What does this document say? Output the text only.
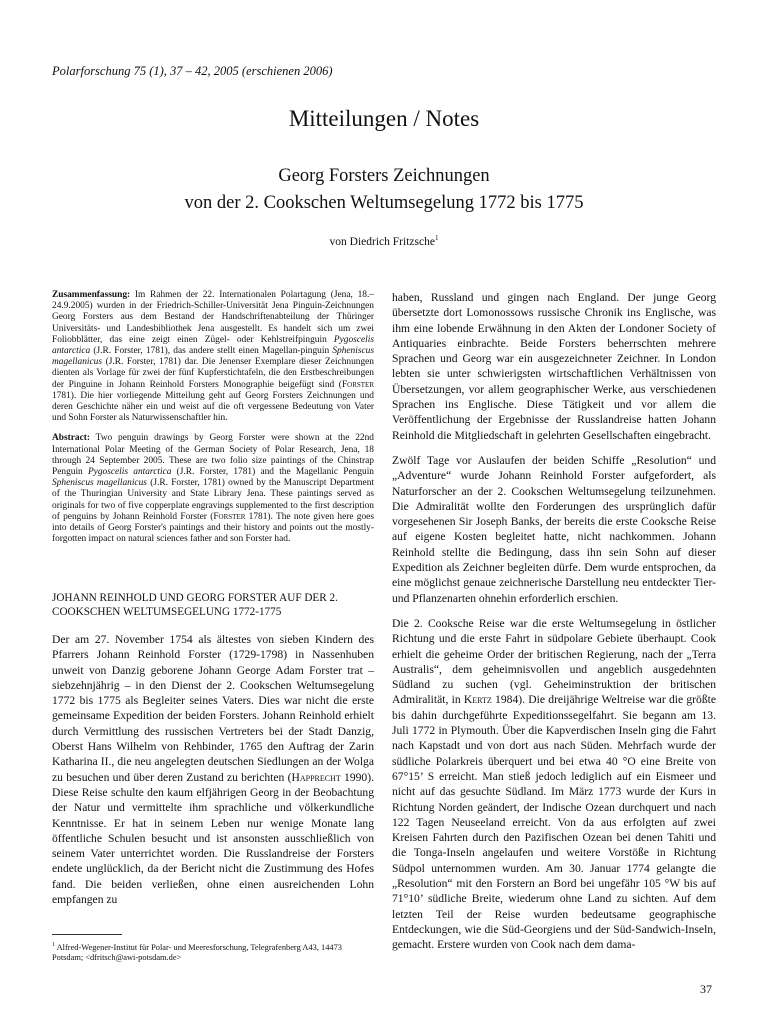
Polarforschung 75 (1), 37 – 42, 2005 (erschienen 2006)
Mitteilungen / Notes
Georg Forsters Zeichnungen
von der 2. Cookschen Weltumsegelung 1772 bis 1775
von Diedrich Fritzsche$^1$

Zusammenfassung: Im Rahmen der 22. Internationalen Polartagung (Jena, 18.–24.9.2005) wurden in der Friedrich-Schiller-Universität Jena Pinguin-Zeichnungen Georg Forsters aus dem Bestand der Handschriftenabteilung der Thüringer Universitäts- und Landesbibliothek Jena ausgestellt. Es handelt sich um zwei Foliobblätter, das eine zeigt einen Zügel- oder Kehlstreifpinguin Pygoscelis antarctica (J.R. Forster, 1781), das andere stellt einen Magellan-pinguin Spheniscus magellanicus (J.R. Forster, 1781) dar. Die Jenenser Exemplare dieser Zeichnungen dienten als Vorlage für zwei der fünf Kupferstichtafeln, die den Erstbeschreibungen der Pinguine in Johann Reinhold Forsters Monographie beigefügt sind (Forster 1781). Die hier vorliegende Mitteilung geht auf Georg Forsters Zeichnungen und deren Geschichte näher ein und weist auf die oft vergessene Bedeutung von Vater und Sohn Forster als Naturwissenschaftler hin.

Abstract: Two penguin drawings by Georg Forster were shown at the 22nd International Polar Meeting of the German Society of Polar Research, Jena, 18 through 24 September 2005. These are two folio size paintings of the Chinstrap Penguin Pygoscelis antarctica (J.R. Forster, 1781) and the Magellanic Penguin Spheniscus magellanicus (J.R. Forster, 1781) owned by the Manuscript Department of the Thuringian University and State Library Jena. These paintings served as originals for two of five copperplate engravings supplemented to the first description of penguins by Johann Reinhold Forster (Forster 1781). The note given here goes into details of Georg Forster's paintings and their history and points out the mostly-forgotten impact on natural sciences father and son Forster had.

JOHANN REINHOLD UND GEORG FORSTER AUF DER 2. COOKSCHEN WELTUMSEGELUNG 1772-1775

Der am 27. November 1754 als ältestes von sieben Kindern des Pfarrers Johann Reinhold Forster (1729-1798) in Nassenhuben unweit von Danzig geborene Johann George Adam Forster trat – siebzehnjährig – in den Dienst der 2. Cookschen Weltumsegelung 1772 bis 1775 als Begleiter seines Vaters. Dies war nicht die erste gemeinsame Expedition der beiden Forsters. Johann Reinhold erhielt durch Vermittlung des russischen Vertreters bei der Stadt Danzig, Oberst Hans Wilhelm von Rehbinder, 1765 den Auftrag der Zarin Katharina II., die neu angelegten deutschen Siedlungen an der Wolga zu besuchen und über deren Zustand zu berichten (Happrecht 1990). Diese Reise schulte den kaum elfjährigen Georg in der Beobachtung der Natur und vermittelte ihm sprachliche und völkerkundliche Kenntnisse. Er hat in seinem Leben nur wenige Monate lang öffentliche Schulen besucht und ist ansonsten ausschließlich von seinem Vater unterrichtet worden. Die Russlandreise der Forsters endete unglücklich, da der Bericht nicht die Zustimmung des Hofes fand. Die beiden verließen, ohne einen ausreichenden Lohn empfangen zu

haben, Russland und gingen nach England. Der junge Georg übersetzte dort Lomonossows russische Chronik ins Englische, was ihm eine lobende Erwähnung in den Akten der Londoner Society of Antiquaries einbrachte. Beide Forsters beherrschten mehrere Sprachen und Georg war ein ausgezeichneter Zeichner. In London lebten sie unter schwierigsten wirtschaftlichen Verhältnissen von Übersetzungen, vor allem geographischer Werke, aus verschiedenen Sprachen ins Englische. Diese Tätigkeit und vor allem die Veröffentlichung der Ergebnisse der Russlandreise hatten Johann Reinhold die Mitgliedschaft in gelehrten Gesellschaften eingebracht.

Zwölf Tage vor Auslaufen der beiden Schiffe „Resolution“ und „Adventure“ wurde Johann Reinhold Forster aufgefordert, als Naturforscher an der 2. Cookschen Weltumsegelung teilzunehmen. Die Admiralität wollte den Forderungen des ursprünglich dafür vorgesehenen Sir Joseph Banks, der bereits die erste Cooksche Reise auf eigene Kosten begleitet hatte, nicht nachkommen. Johann Reinhold stellte die Bedingung, dass ihn sein Sohn auf dieser Expedition als Zeichner begleiten dürfe. Dem wurde entsprochen, da eine möglichst genaue zeichnerische Darstellung neu entdeckter Tier- und Pflanzenarten ohnehin erforderlich erschien.

Die 2. Cooksche Reise war die erste Weltumsegelung in östlicher Richtung und die erste Fahrt in südpolare Gebiete überhaupt. Cook erhielt die geheime Order der britischen Regierung, nach der „Terra Australis“, dem geheimnisvollen und angeblich ausgedehnten Südland zu suchen (vgl. Geheiminstruktion der britischen Admiralität, in Kertz 1984). Die dreijährige Weltreise war die größte bis dahin durchgeführte Expeditionssegelfahrt. Sie begann am 13. Juli 1772 in Plymouth. Über die Kapverdischen Inseln ging die Fahrt nach Kapstadt und von dort aus nach Süden. Mehrfach wurde der südliche Polarkreis überquert und bei etwa 40 °O eine Breite von 67°15’ S erreicht. Man stieß jedoch lediglich auf ein Eismeer und nicht auf das gesuchte Südland. Im März 1773 wurde der Kurs in Richtung Norden geändert, der Indische Ozean durchquert und nach 122 Tagen Neuseeland erreicht. Von da aus erfolgten auf zwei Kreisen Fahrten durch den Pazifischen Ozean bei denen Tahiti und die Tonga-Inseln angelaufen und weitere Vorstöße in Richtung Südpol unternommen wurden. Am 30. Januar 1774 gelangte die „Resolution“ mit den Forstern an Bord bei ungefähr 105 °W bis auf 71°10’ südliche Breite, wiederum ohne Land zu sichten. Auf dem letzten Teil der Reise wurden bedeutsame geographische Entdeckungen, wie die Süd-Georgiens und der Süd-Sandwich-Inseln, gemacht. Erstere wurden von Cook nach dem dama-

$^1$ Alfred-Wegener-Institut für Polar- und Meeresforschung, Telegrafenberg A43, 14473 Potsdam; <dfritsch@awi-potsdam.de>
37
